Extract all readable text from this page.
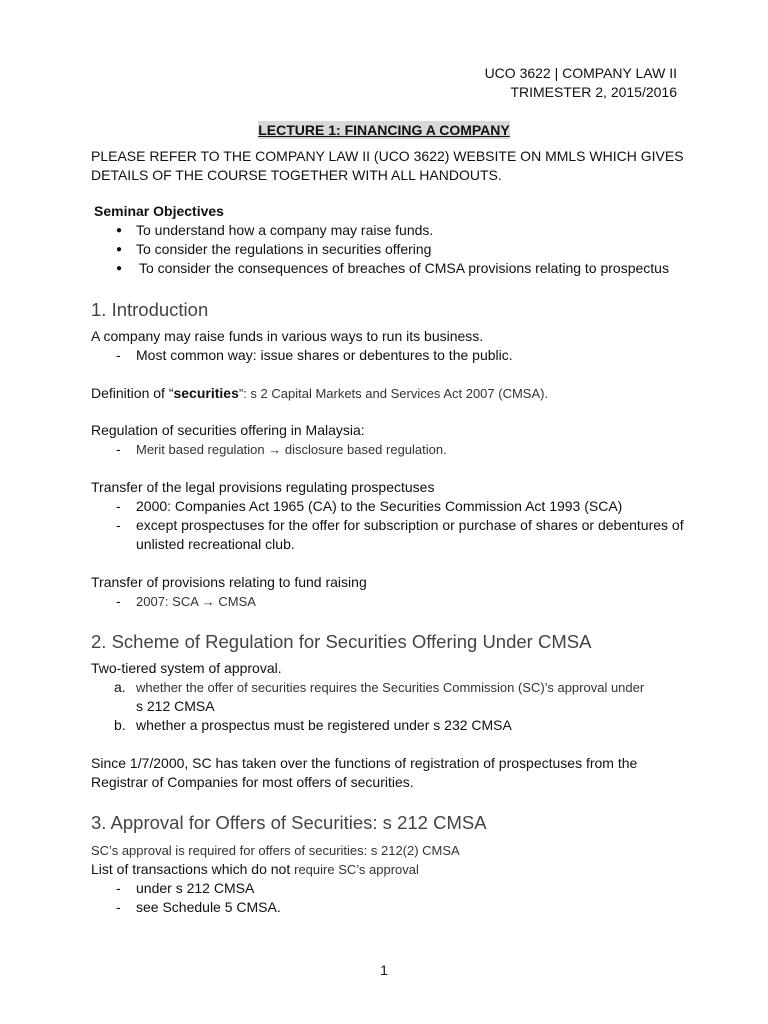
UCO 3622 | COMPANY LAW II
TRIMESTER 2, 2015/2016
LECTURE 1: FINANCING A COMPANY
PLEASE REFER TO THE COMPANY LAW II (UCO 3622) WEBSITE ON MMLS WHICH GIVES
DETAILS OF THE COURSE TOGETHER WITH ALL HANDOUTS.
Seminar Objectives
● To understand how a company may raise funds.
● To consider the regulations in securities offering
● To consider the consequences of breaches of CMSA provisions relating to prospectus
1. Introduction
A company may raise funds in various ways to run its business.
- Most common way: issue shares or debentures to the public.
Definition of “securities”: s 2 Capital Markets and Services Act 2007 (CMSA).
Regulation of securities offering in Malaysia:
- Merit based regulation → disclosure based regulation.
Transfer of the legal provisions regulating prospectuses
- 2000: Companies Act 1965 (CA) to the Securities Commission Act 1993 (SCA)
- except prospectuses for the offer for subscription or purchase of shares or debentures of
unlisted recreational club.
Transfer of provisions relating to fund raising
- 2007: SCA → CMSA
2. Scheme of Regulation for Securities Offering Under CMSA
Two-tiered system of approval.
a. whether the offer of securities requires the Securities Commission (SC)’s approval under
s 212 CMSA
b. whether a prospectus must be registered under s 232 CMSA
Since 1/7/2000, SC has taken over the functions of registration of prospectuses from the
Registrar of Companies for most offers of securities.
3. Approval for Offers of Securities: s 212 CMSA
SC’s approval is required for offers of securities: s 212(2) CMSA
List of transactions which do not require SC’s approval
- under s 212 CMSA
- see Schedule 5 CMSA.
1
